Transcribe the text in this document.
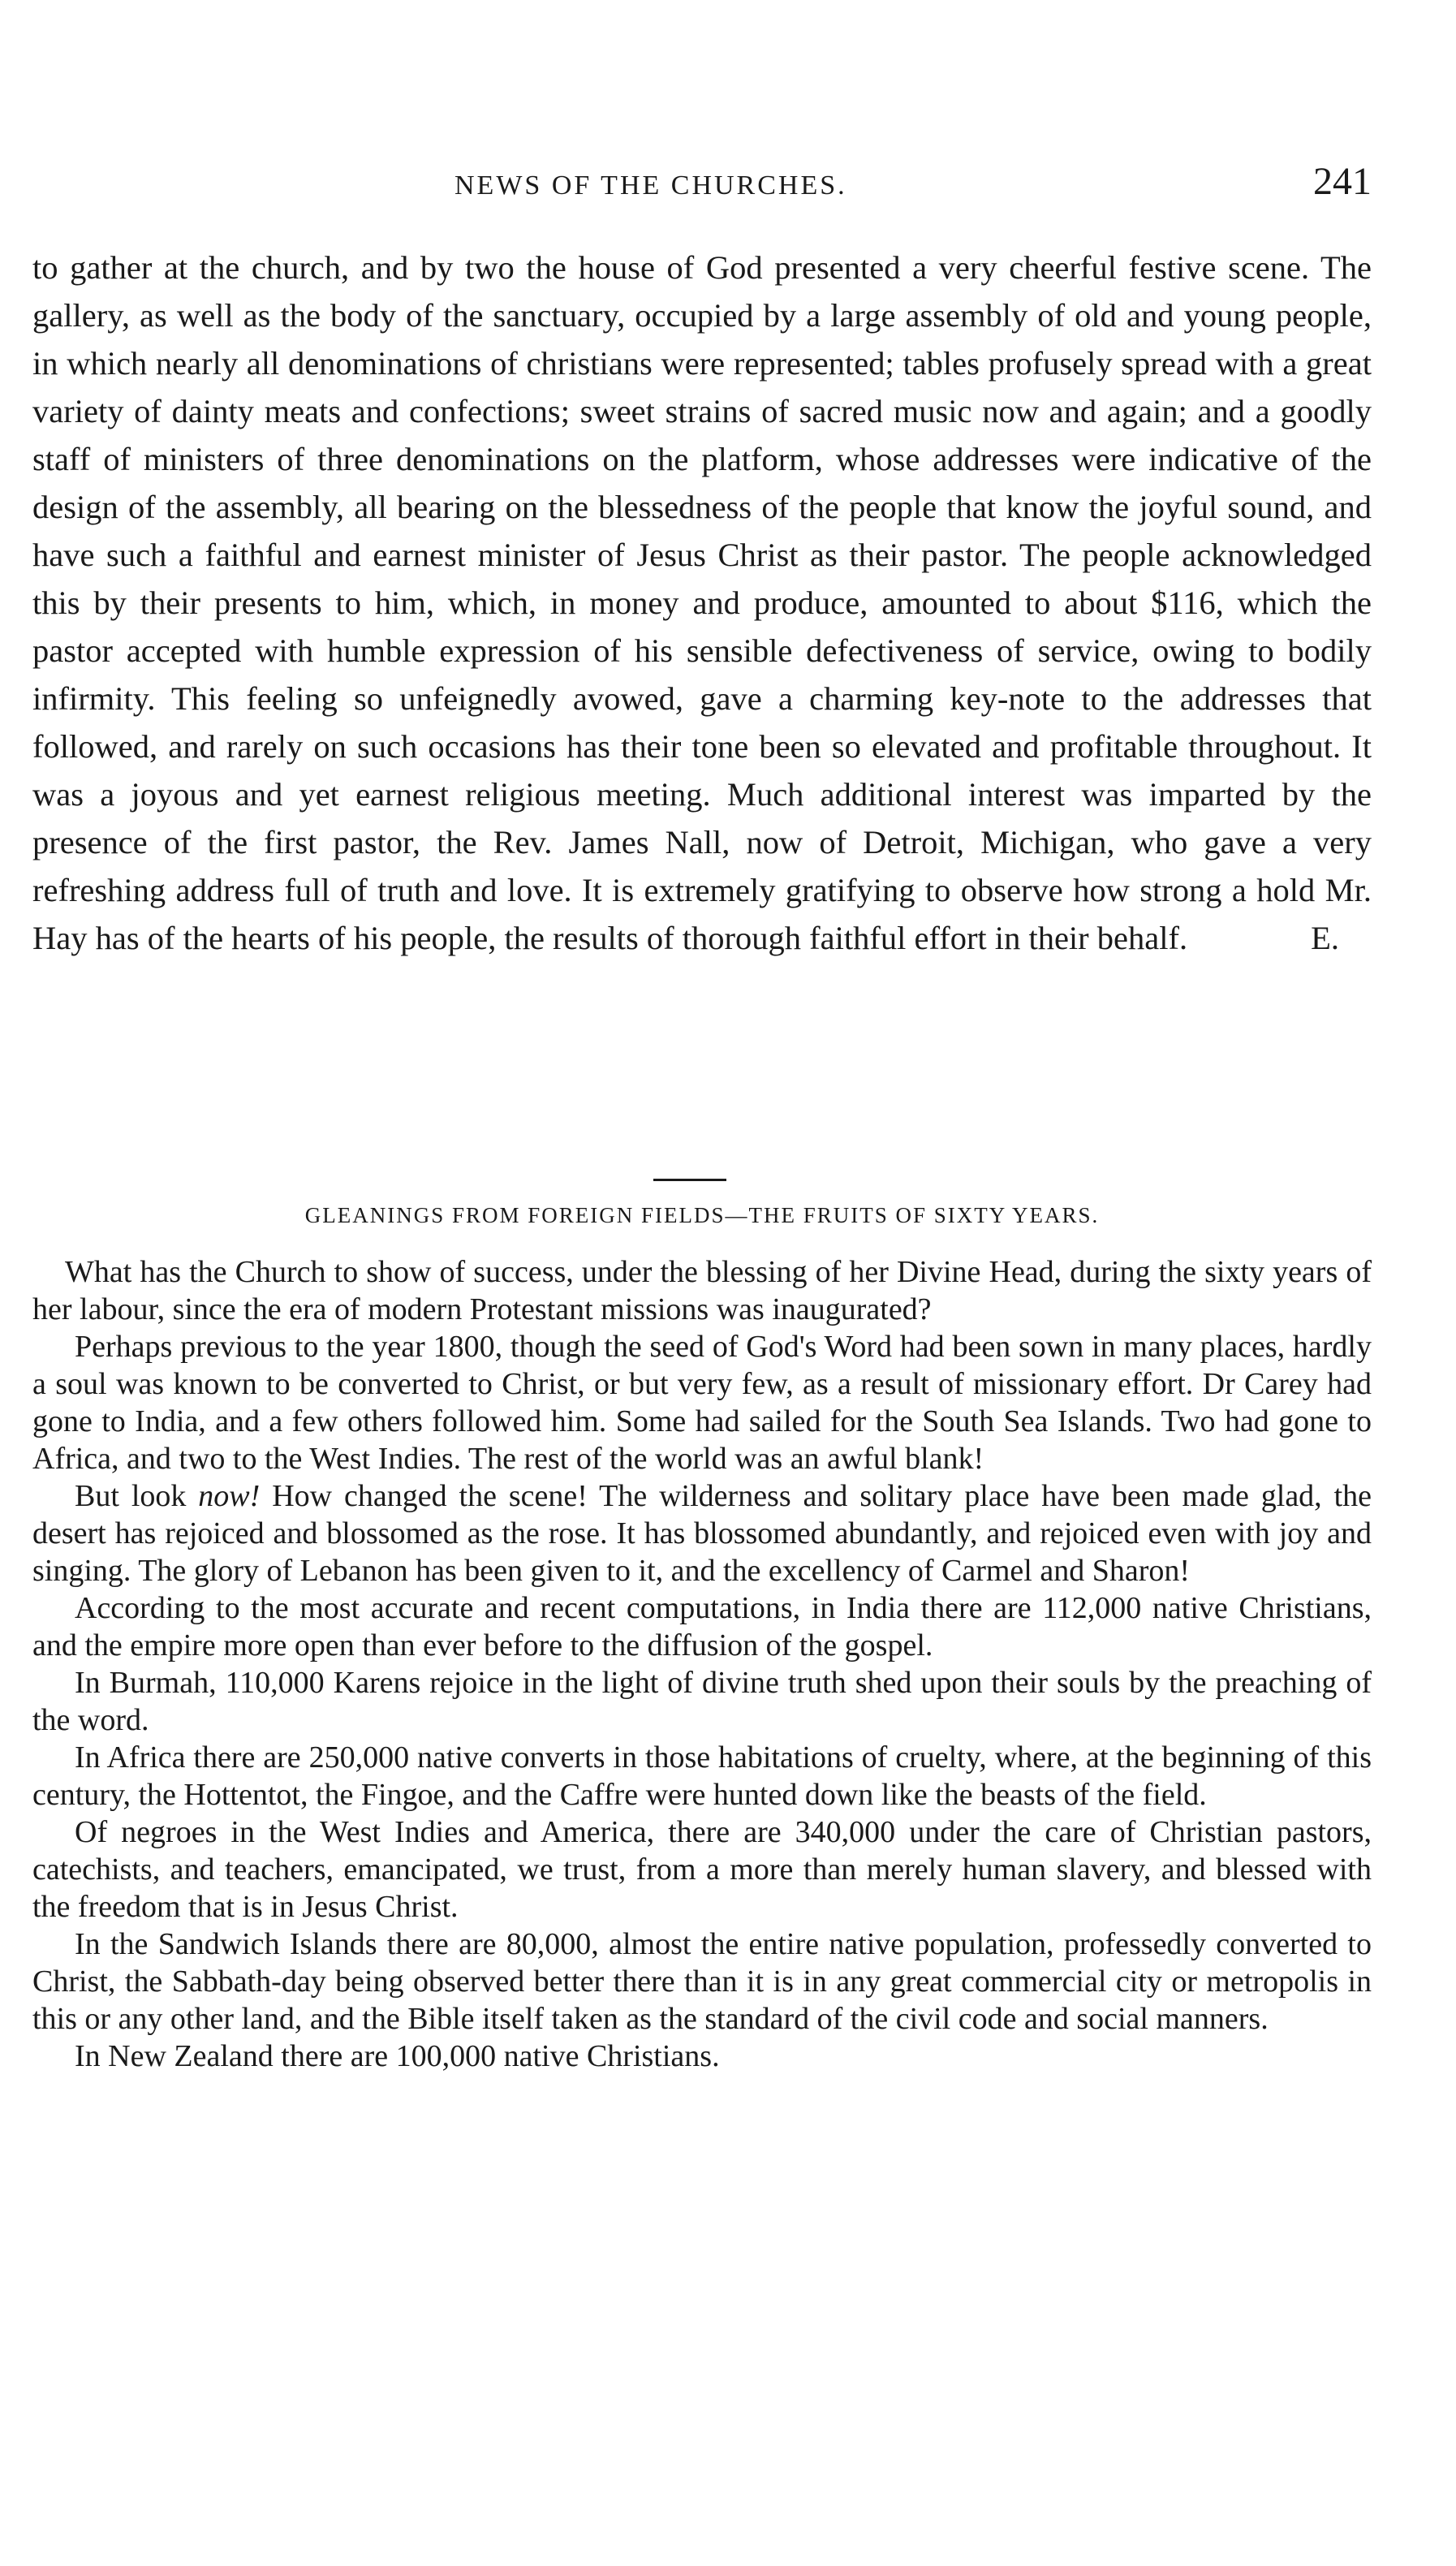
NEWS OF THE CHURCHES.	241
to gather at the church, and by two the house of God presented a very cheerful festive scene. The gallery, as well as the body of the sanctuary, occupied by a large assembly of old and young people, in which nearly all denominations of christians were represented; tables profusely spread with a great variety of dainty meats and confections; sweet strains of sacred music now and again; and a goodly staff of ministers of three denominations on the platform, whose addresses were indicative of the design of the assembly, all bearing on the blessedness of the people that know the joyful sound, and have such a faithful and earnest minister of Jesus Christ as their pastor. The people acknowledged this by their presents to him, which, in money and produce, amounted to about $116, which the pastor accepted with humble expression of his sensible defectiveness of service, owing to bodily infirmity. This feeling so unfeignedly avowed, gave a charming key-note to the addresses that followed, and rarely on such occasions has their tone been so elevated and profitable throughout. It was a joyous and yet earnest religious meeting. Much additional interest was imparted by the presence of the first pastor, the Rev. James Nall, now of Detroit, Michigan, who gave a very refreshing address full of truth and love. It is extremely gratifying to observe how strong a hold Mr. Hay has of the hearts of his people, the results of thorough faithful effort in their behalf.	E.
GLEANINGS FROM FOREIGN FIELDS—THE FRUITS OF SIXTY YEARS.

What has the Church to show of success, under the blessing of her Divine Head, during the sixty years of her labour, since the era of modern Protestant missions was inaugurated?

Perhaps previous to the year 1800, though the seed of God's Word had been sown in many places, hardly a soul was known to be converted to Christ, or but very few, as a result of missionary effort. Dr Carey had gone to India, and a few others followed him. Some had sailed for the South Sea Islands. Two had gone to Africa, and two to the West Indies. The rest of the world was an awful blank!

But look now! How changed the scene! The wilderness and solitary place have been made glad, the desert has rejoiced and blossomed as the rose. It has blossomed abundantly, and rejoiced even with joy and singing. The glory of Lebanon has been given to it, and the excellency of Carmel and Sharon!

According to the most accurate and recent computations, in India there are 112,000 native Christians, and the empire more open than ever before to the diffusion of the gospel.

In Burmah, 110,000 Karens rejoice in the light of divine truth shed upon their souls by the preaching of the word.

In Africa there are 250,000 native converts in those habitations of cruelty, where, at the beginning of this century, the Hottentot, the Fingoe, and the Caffre were hunted down like the beasts of the field.

Of negroes in the West Indies and America, there are 340,000 under the care of Christian pastors, catechists, and teachers, emancipated, we trust, from a more than merely human slavery, and blessed with the freedom that is in Jesus Christ.

In the Sandwich Islands there are 80,000, almost the entire native population, professedly converted to Christ, the Sabbath-day being observed better there than it is in any great commercial city or metropolis in this or any other land, and the Bible itself taken as the standard of the civil code and social manners.

In New Zealand there are 100,000 native Christians.
